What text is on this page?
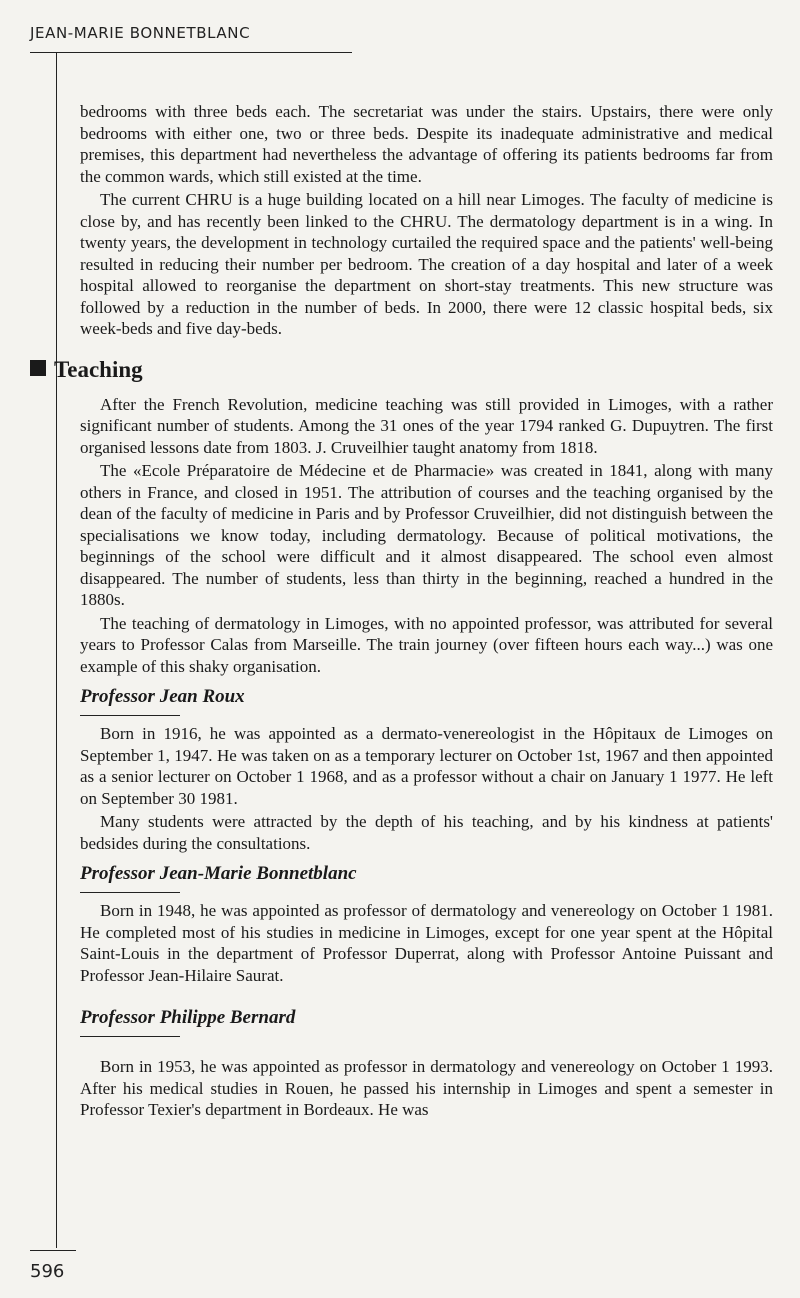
JEAN-MARIE BONNETBLANC

bedrooms with three beds each. The secretariat was under the stairs. Upstairs, there were only bedrooms with either one, two or three beds. Despite its inadequate administrative and medical premises, this department had nevertheless the advantage of offering its patients bedrooms far from the common wards, which still existed at the time.

The current CHRU is a huge building located on a hill near Limoges. The faculty of medicine is close by, and has recently been linked to the CHRU. The dermatology department is in a wing. In twenty years, the development in technology curtailed the required space and the patients' well-being resulted in reducing their number per bedroom. The creation of a day hospital and later of a week hospital allowed to reorganise the department on short-stay treatments. This new structure was followed by a reduction in the number of beds. In 2000, there were 12 classic hospital beds, six week-beds and five day-beds.

Teaching

After the French Revolution, medicine teaching was still provided in Limoges, with a rather significant number of students. Among the 31 ones of the year 1794 ranked G. Dupuytren. The first organised lessons date from 1803. J. Cruveilhier taught anatomy from 1818.

The «Ecole Préparatoire de Médecine et de Pharmacie» was created in 1841, along with many others in France, and closed in 1951. The attribution of courses and the teaching organised by the dean of the faculty of medicine in Paris and by Professor Cruveilhier, did not distinguish between the specialisations we know today, including dermatology. Because of political motivations, the beginnings of the school were difficult and it almost disappeared. The school even almost disappeared. The number of students, less than thirty in the beginning, reached a hundred in the 1880s.

The teaching of dermatology in Limoges, with no appointed professor, was attributed for several years to Professor Calas from Marseille. The train journey (over fifteen hours each way...) was one example of this shaky organisation.

Professor Jean Roux

Born in 1916, he was appointed as a dermato-venereologist in the Hôpitaux de Limoges on September 1, 1947. He was taken on as a temporary lecturer on October 1st, 1967 and then appointed as a senior lecturer on October 1 1968, and as a professor without a chair on January 1 1977. He left on September 30 1981.

Many students were attracted by the depth of his teaching, and by his kindness at patients' bedsides during the consultations.

Professor Jean-Marie Bonnetblanc

Born in 1948, he was appointed as professor of dermatology and venereology on October 1 1981. He completed most of his studies in medicine in Limoges, except for one year spent at the Hôpital Saint-Louis in the department of Professor Duperrat, along with Professor Antoine Puissant and Professor Jean-Hilaire Saurat.

Professor Philippe Bernard

Born in 1953, he was appointed as professor in dermatology and venereology on October 1 1993. After his medical studies in Rouen, he passed his internship in Limoges and spent a semester in Professor Texier's department in Bordeaux. He was

596
